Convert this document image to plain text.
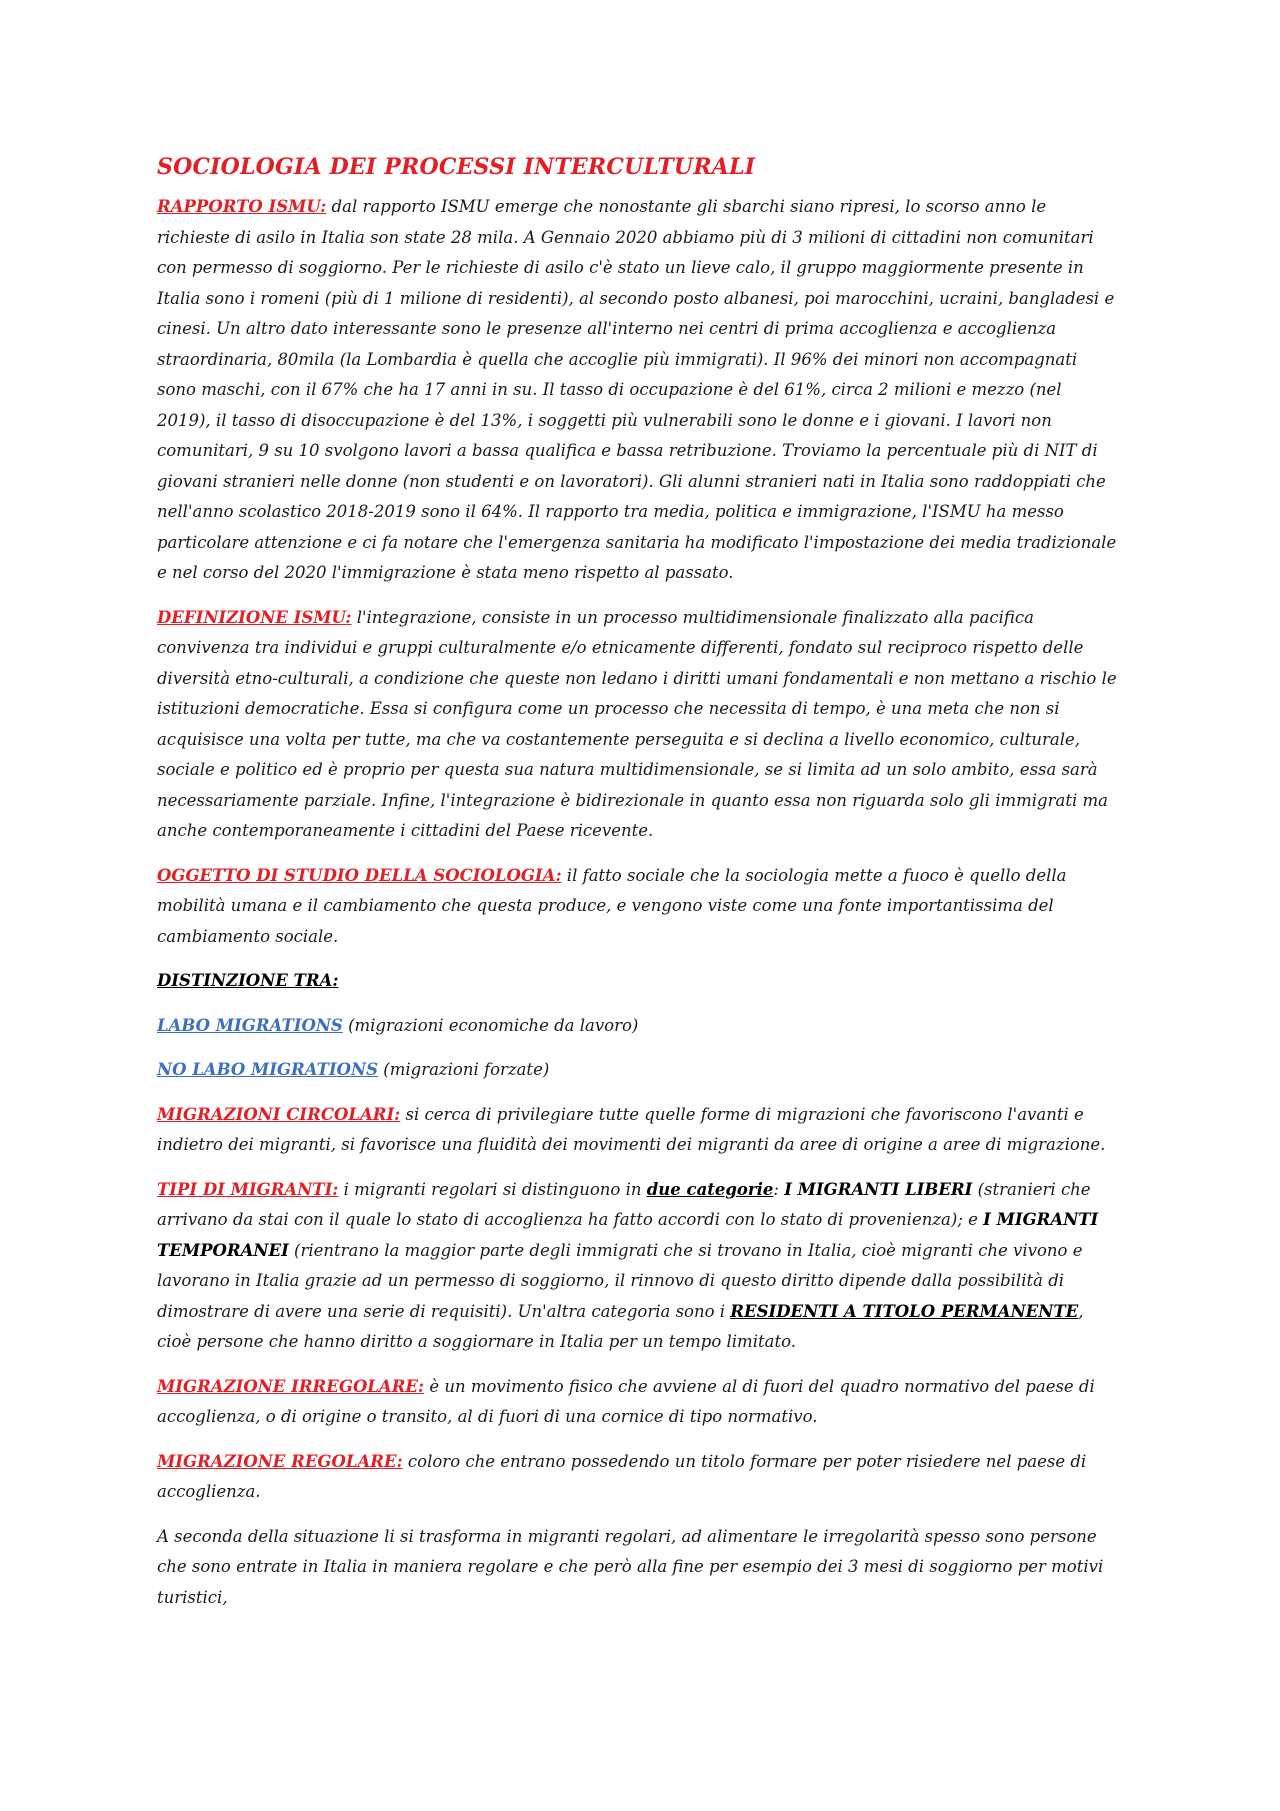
SOCIOLOGIA DEI PROCESSI INTERCULTURALI

RAPPORTO ISMU: dal rapporto ISMU emerge che nonostante gli sbarchi siano ripresi, lo scorso anno le richieste di asilo in Italia son state 28 mila. A Gennaio 2020 abbiamo più di 3 milioni di cittadini non comunitari con permesso di soggiorno. Per le richieste di asilo c'è stato un lieve calo, il gruppo maggiormente presente in Italia sono i romeni (più di 1 milione di residenti), al secondo posto albanesi, poi marocchini, ucraini, bangladesi e cinesi. Un altro dato interessante sono le presenze all'interno nei centri di prima accoglienza e accoglienza straordinaria, 80mila (la Lombardia è quella che accoglie più immigrati). Il 96% dei minori non accompagnati sono maschi, con il 67% che ha 17 anni in su. Il tasso di occupazione è del 61%, circa 2 milioni e mezzo (nel 2019), il tasso di disoccupazione è del 13%, i soggetti più vulnerabili sono le donne e i giovani. I lavori non comunitari, 9 su 10 svolgono lavori a bassa qualifica e bassa retribuzione. Troviamo la percentuale più di NIT di giovani stranieri nelle donne (non studenti e on lavoratori). Gli alunni stranieri nati in Italia sono raddoppiati che nell'anno scolastico 2018-2019 sono il 64%. Il rapporto tra media, politica e immigrazione, l'ISMU ha messo particolare attenzione e ci fa notare che l'emergenza sanitaria ha modificato l'impostazione dei media tradizionale e nel corso del 2020 l'immigrazione è stata meno rispetto al passato.

DEFINIZIONE ISMU: l'integrazione, consiste in un processo multidimensionale finalizzato alla pacifica convivenza tra individui e gruppi culturalmente e/o etnicamente differenti, fondato sul reciproco rispetto delle diversità etno-culturali, a condizione che queste non ledano i diritti umani fondamentali e non mettano a rischio le istituzioni democratiche. Essa si configura come un processo che necessita di tempo, è una meta che non si acquisisce una volta per tutte, ma che va costantemente perseguita e si declina a livello economico, culturale, sociale e politico ed è proprio per questa sua natura multidimensionale, se si limita ad un solo ambito, essa sarà necessariamente parziale. Infine, l'integrazione è bidirezionale in quanto essa non riguarda solo gli immigrati ma anche contemporaneamente i cittadini del Paese ricevente.

OGGETTO DI STUDIO DELLA SOCIOLOGIA: il fatto sociale che la sociologia mette a fuoco è quello della mobilità umana e il cambiamento che questa produce, e vengono viste come una fonte importantissima del cambiamento sociale.

DISTINZIONE TRA:

LABO MIGRATIONS (migrazioni economiche da lavoro)

NO LABO MIGRATIONS (migrazioni forzate)

MIGRAZIONI CIRCOLARI: si cerca di privilegiare tutte quelle forme di migrazioni che favoriscono l'avanti e indietro dei migranti, si favorisce una fluidità dei movimenti dei migranti da aree di origine a aree di migrazione.

TIPI DI MIGRANTI: i migranti regolari si distinguono in due categorie: I MIGRANTI LIBERI (stranieri che arrivano da stai con il quale lo stato di accoglienza ha fatto accordi con lo stato di provenienza); e I MIGRANTI TEMPORANEI (rientrano la maggior parte degli immigrati che si trovano in Italia, cioè migranti che vivono e lavorano in Italia grazie ad un permesso di soggiorno, il rinnovo di questo diritto dipende dalla possibilità di dimostrare di avere una serie di requisiti). Un'altra categoria sono i RESIDENTI A TITOLO PERMANENTE, cioè persone che hanno diritto a soggiornare in Italia per un tempo limitato.

MIGRAZIONE IRREGOLARE: è un movimento fisico che avviene al di fuori del quadro normativo del paese di accoglienza, o di origine o transito, al di fuori di una cornice di tipo normativo.

MIGRAZIONE REGOLARE: coloro che entrano possedendo un titolo formare per poter risiedere nel paese di accoglienza.

A seconda della situazione li si trasforma in migranti regolari, ad alimentare le irregolarità spesso sono persone che sono entrate in Italia in maniera regolare e che però alla fine per esempio dei 3 mesi di soggiorno per motivi turistici,
